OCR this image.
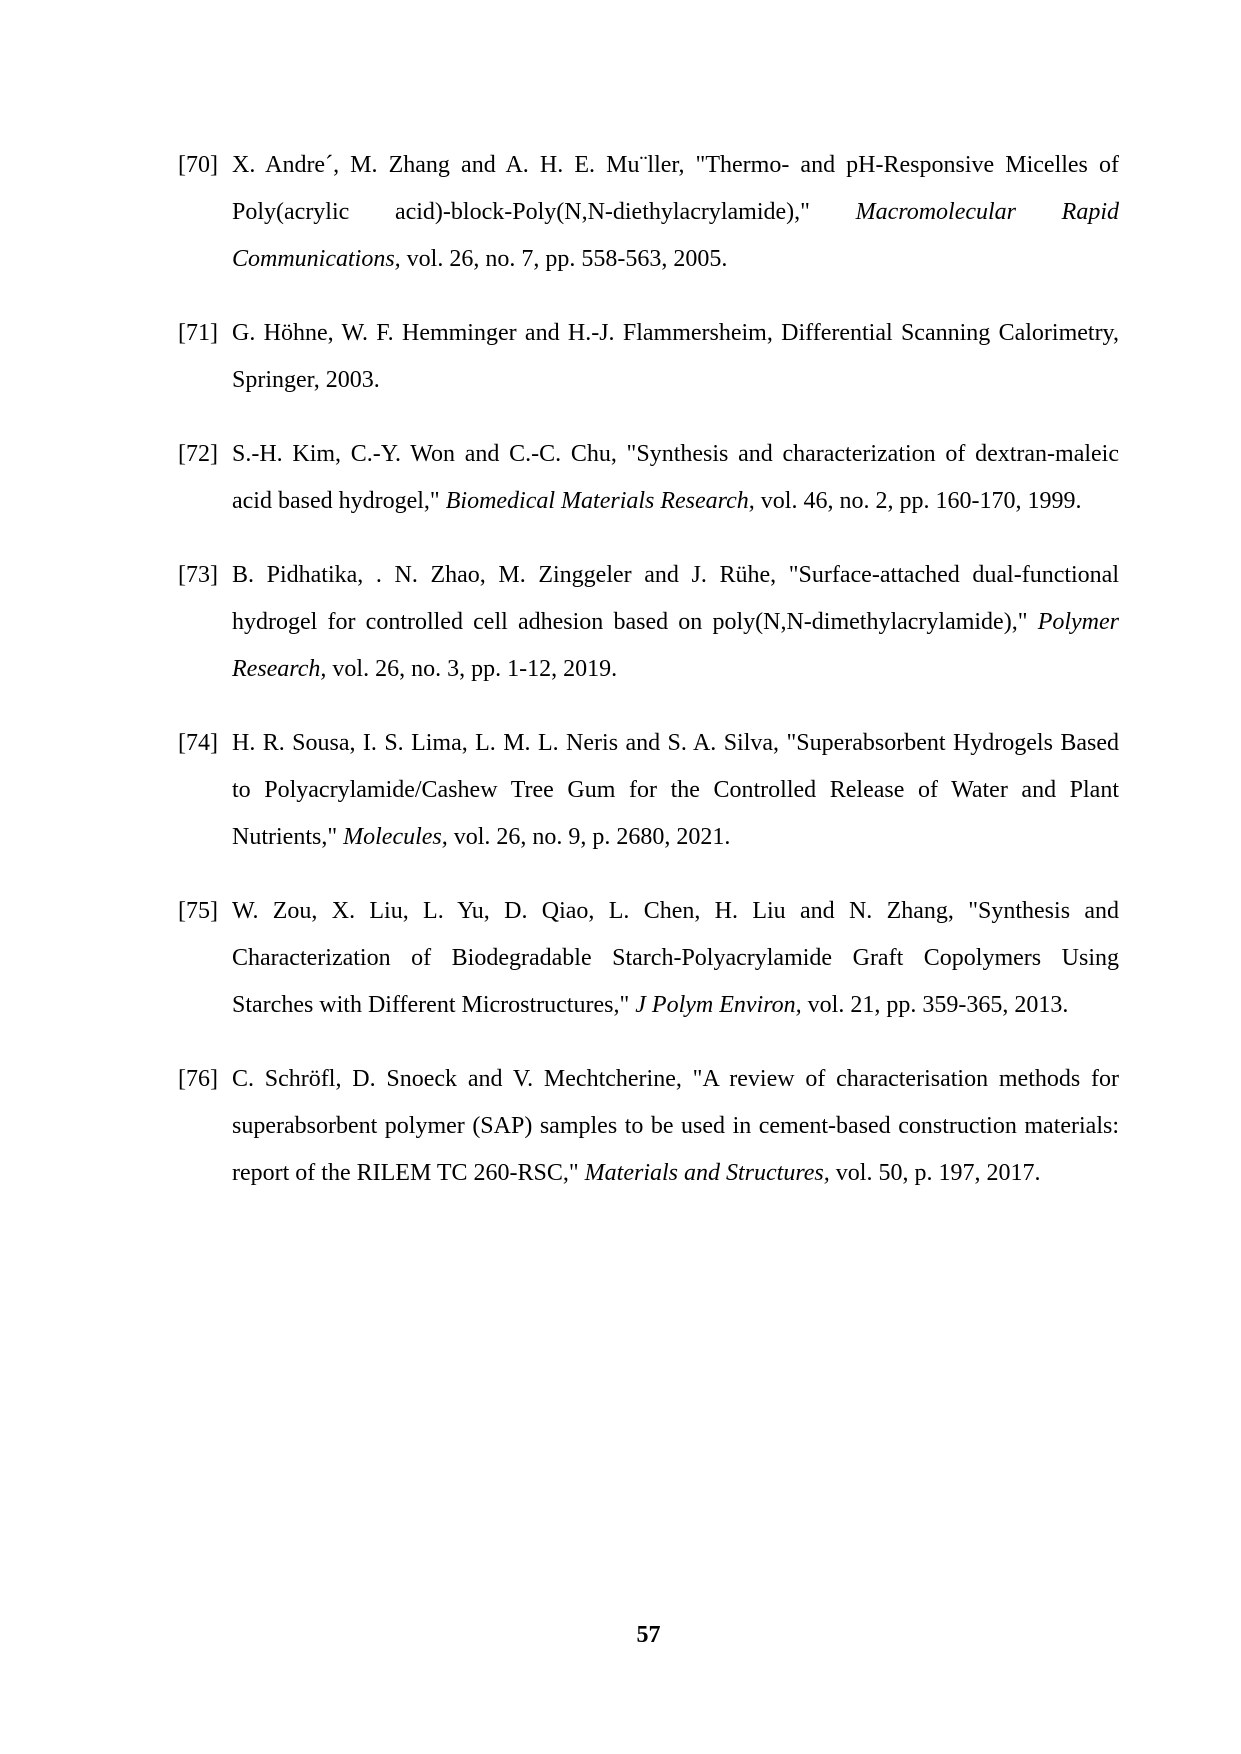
[70] X. Andre´, M. Zhang and A. H. E. Mu¨ller, "Thermo- and pH-Responsive Micelles of Poly(acrylic acid)-block-Poly(N,N-diethylacrylamide)," Macromolecular Rapid Communications, vol. 26, no. 7, pp. 558-563, 2005.

[71] G. Höhne, W. F. Hemminger and H.-J. Flammersheim, Differential Scanning Calorimetry, Springer, 2003.

[72] S.-H. Kim, C.-Y. Won and C.-C. Chu, "Synthesis and characterization of dextran-maleic acid based hydrogel," Biomedical Materials Research, vol. 46, no. 2, pp. 160-170, 1999.

[73] B. Pidhatika, . N. Zhao, M. Zinggeler and J. Rühe, "Surface-attached dual-functional hydrogel for controlled cell adhesion based on poly(N,N-dimethylacrylamide)," Polymer Research, vol. 26, no. 3, pp. 1-12, 2019.

[74] H. R. Sousa, I. S. Lima, L. M. L. Neris and S. A. Silva, "Superabsorbent Hydrogels Based to Polyacrylamide/Cashew Tree Gum for the Controlled Release of Water and Plant Nutrients," Molecules, vol. 26, no. 9, p. 2680, 2021.

[75] W. Zou, X. Liu, L. Yu, D. Qiao, L. Chen, H. Liu and N. Zhang, "Synthesis and Characterization of Biodegradable Starch-Polyacrylamide Graft Copolymers Using Starches with Different Microstructures," J Polym Environ, vol. 21, pp. 359-365, 2013.

[76] C. Schröfl, D. Snoeck and V. Mechtcherine, "A review of characterisation methods for superabsorbent polymer (SAP) samples to be used in cement-based construction materials: report of the RILEM TC 260-RSC," Materials and Structures, vol. 50, p. 197, 2017.

57
